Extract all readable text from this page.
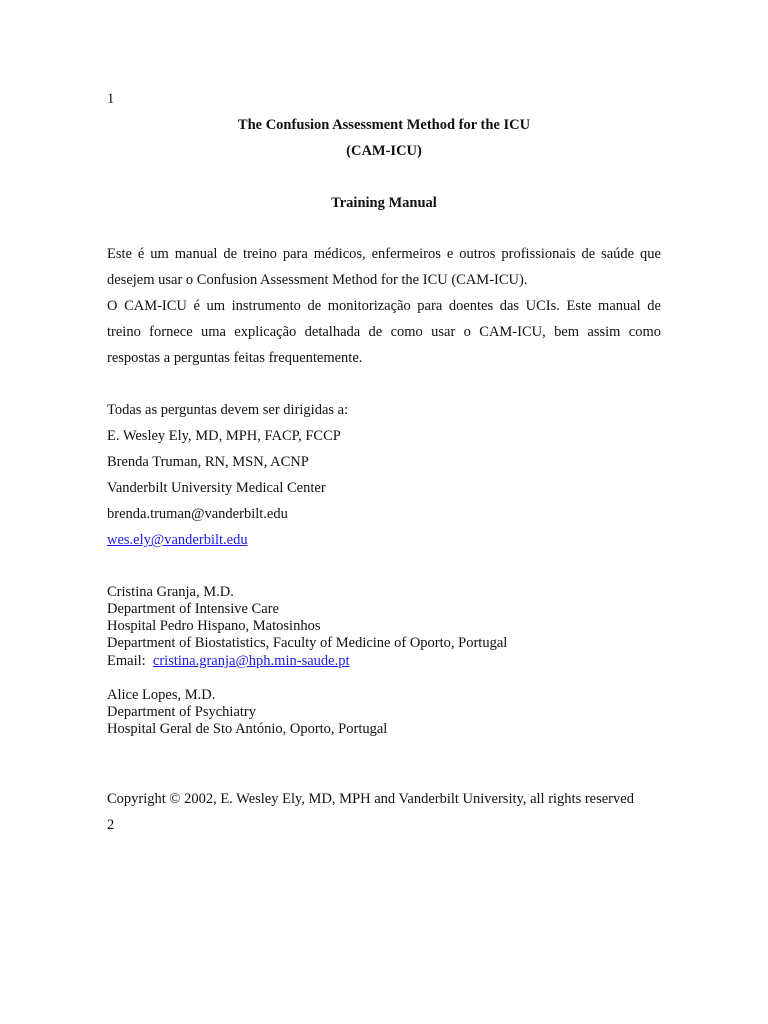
1
The Confusion Assessment Method for the ICU
(CAM-ICU)
Training Manual
Este é um manual de treino para médicos, enfermeiros e outros profissionais de saúde que
desejem usar o Confusion Assessment Method for the ICU (CAM-ICU).
O CAM-ICU é um instrumento de monitorização para doentes das UCIs. Este manual de
treino fornece uma explicação detalhada de como usar o CAM-ICU, bem assim como
respostas a perguntas feitas frequentemente.
Todas as perguntas devem ser dirigidas a:
E. Wesley Ely, MD, MPH, FACP, FCCP
Brenda Truman, RN, MSN, ACNP
Vanderbilt University Medical Center
brenda.truman@vanderbilt.edu
wes.ely@vanderbilt.edu
Cristina Granja, M.D.
Department of Intensive Care
Hospital Pedro Hispano, Matosinhos
Department of Biostatistics, Faculty of Medicine of Oporto, Portugal
Email: cristina.granja@hph.min-saude.pt
Alice Lopes, M.D.
Department of Psychiatry
Hospital Geral de Sto António, Oporto, Portugal
Copyright © 2002, E. Wesley Ely, MD, MPH and Vanderbilt University, all rights reserved
2
